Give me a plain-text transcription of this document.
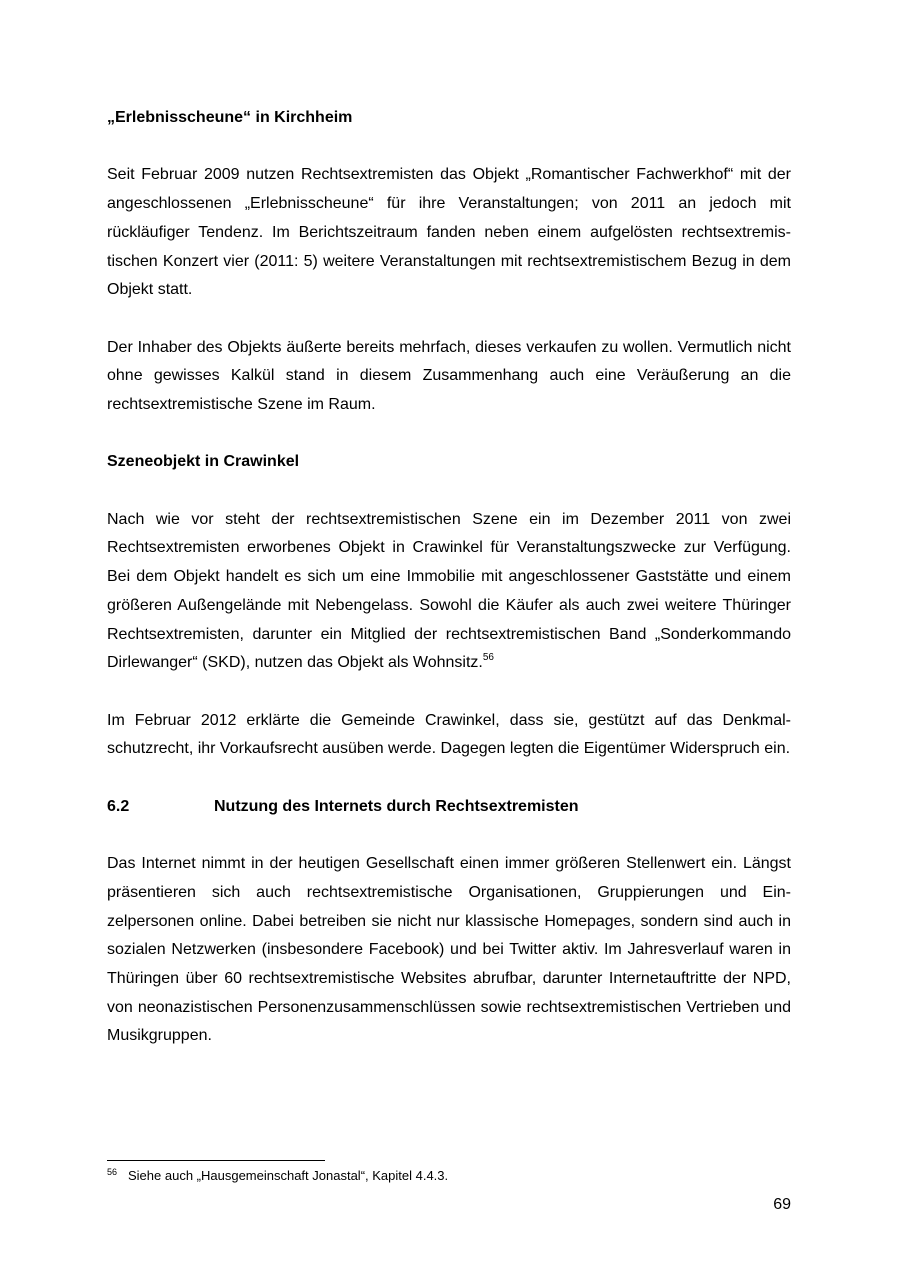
„Erlebnisscheune“ in Kirchheim

Seit Februar 2009 nutzen Rechtsextremisten das Objekt „Romantischer Fachwerkhof“ mit der angeschlossenen „Erlebnisscheune“ für ihre Veranstaltungen; von 2011 an jedoch mit rückläufiger Tendenz. Im Berichtszeitraum fanden neben einem aufgelösten rechtsextremistischen Konzert vier (2011: 5) weitere Veranstaltungen mit rechtsextremistischem Bezug in dem Objekt statt.

Der Inhaber des Objekts äußerte bereits mehrfach, dieses verkaufen zu wollen. Vermutlich nicht ohne gewisses Kalkül stand in diesem Zusammenhang auch eine Veräußerung an die rechtsextremistische Szene im Raum.

Szeneobjekt in Crawinkel

Nach wie vor steht der rechtsextremistischen Szene ein im Dezember 2011 von zwei Rechtsextremisten erworbenes Objekt in Crawinkel für Veranstaltungszwecke zur Verfügung. Bei dem Objekt handelt es sich um eine Immobilie mit angeschlossener Gaststätte und einem größeren Außengelände mit Nebengelass. Sowohl die Käufer als auch zwei weitere Thüringer Rechtsextremisten, darunter ein Mitglied der rechtsextremistischen Band „Sonderkommando Dirlewanger“ (SKD), nutzen das Objekt als Wohnsitz.$^{56}$

Im Februar 2012 erklärte die Gemeinde Crawinkel, dass sie, gestützt auf das Denkmalschutzrecht, ihr Vorkaufsrecht ausüben werde. Dagegen legten die Eigentümer Widerspruch ein.

6.2	Nutzung des Internets durch Rechtsextremisten

Das Internet nimmt in der heutigen Gesellschaft einen immer größeren Stellenwert ein. Längst präsentieren sich auch rechtsextremistische Organisationen, Gruppierungen und Einzelpersonen online. Dabei betreiben sie nicht nur klassische Homepages, sondern sind auch in sozialen Netzwerken (insbesondere Facebook) und bei Twitter aktiv. Im Jahresverlauf waren in Thüringen über 60 rechtsextremistische Websites abrufbar, darunter Internetauftritte der NPD, von neonazistischen Personenzusammenschlüssen sowie rechtsextremistischen Vertrieben und Musikgruppen.

56 Siehe auch „Hausgemeinschaft Jonastal“, Kapitel 4.4.3.
69
